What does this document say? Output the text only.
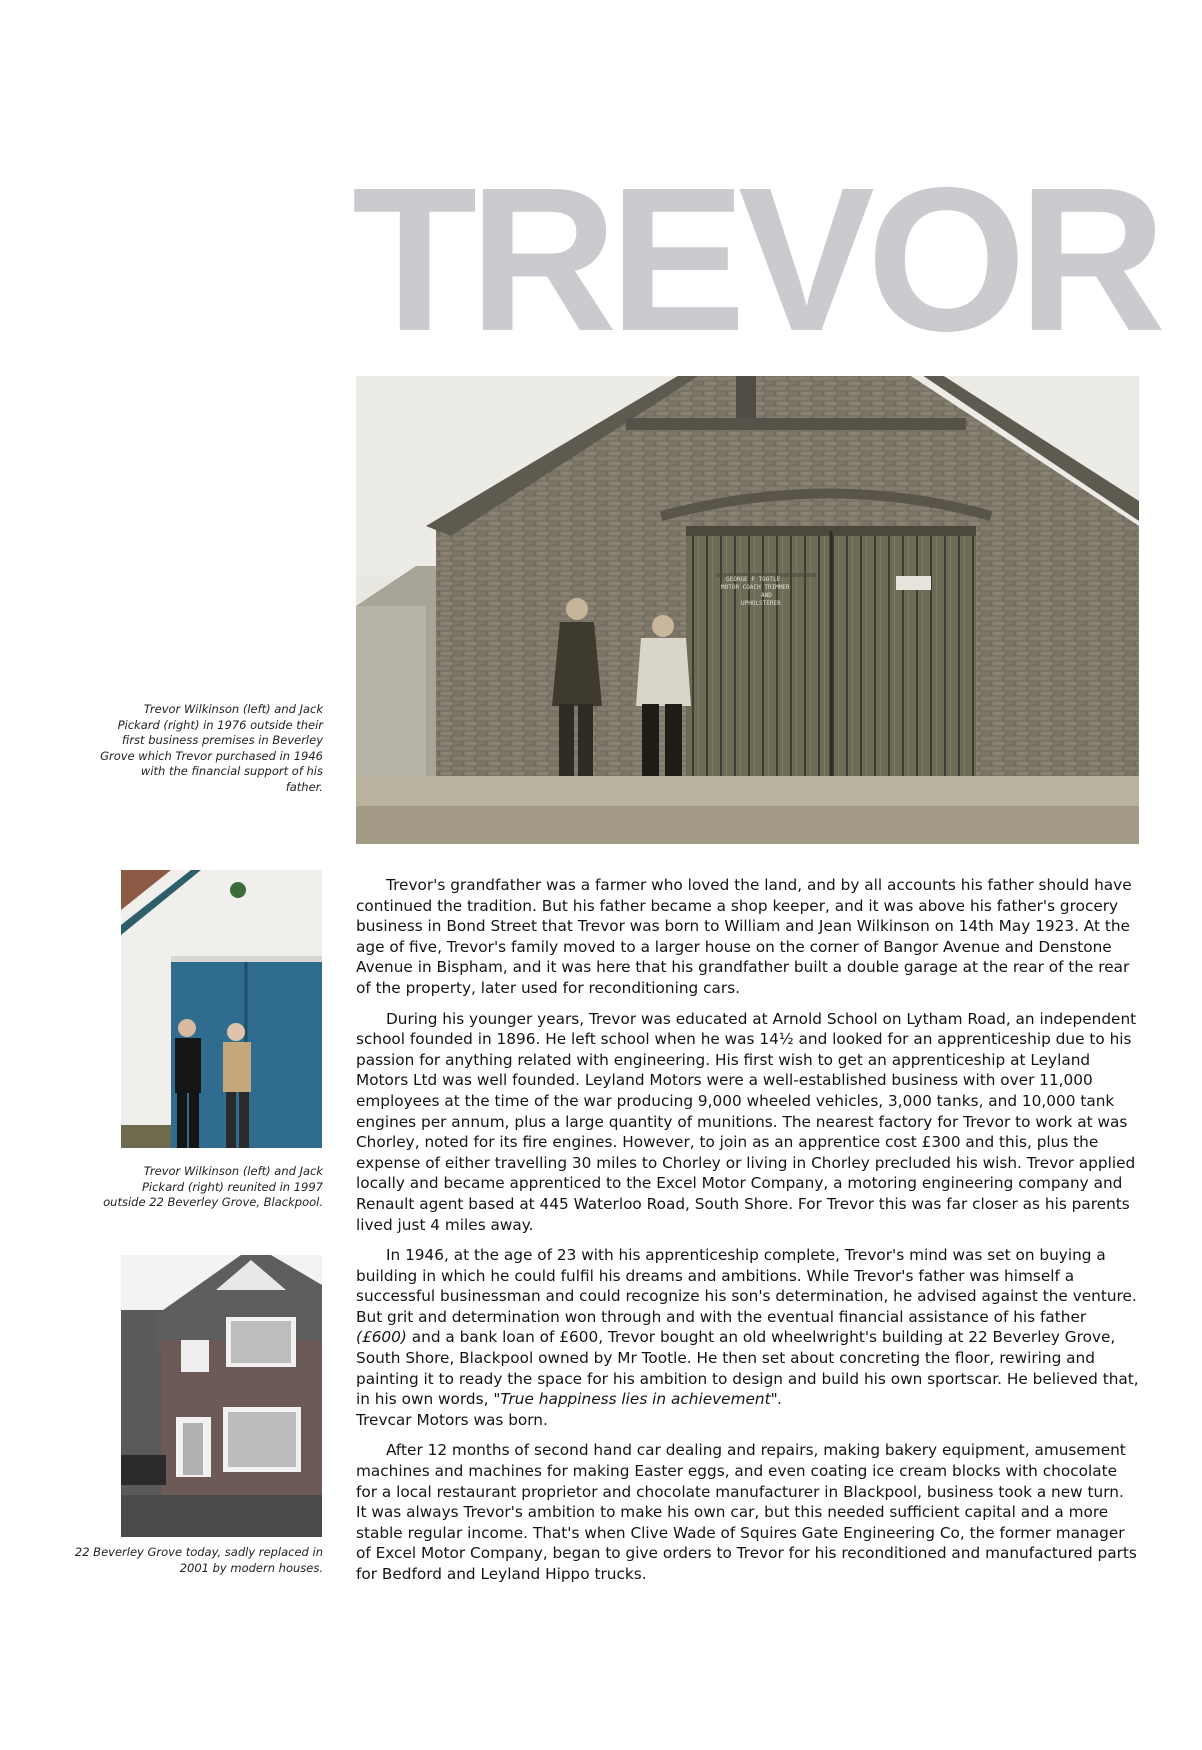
TREVOR
GEORGE F TOOTLE
MOTOR COACH TRIMMER
AND
UPHOLSTERER
Trevor Wilkinson (left) and Jack Pickard (right) in 1976 outside their first business premises in Beverley Grove which Trevor purchased in 1946 with the financial support of his father.
Trevor Wilkinson (left) and Jack Pickard (right) reunited in 1997 outside 22 Beverley Grove, Blackpool.
22 Beverley Grove today, sadly replaced in 2001 by modern houses.

Trevor's grandfather was a farmer who loved the land, and by all accounts his father should have continued the tradition. But his father became a shop keeper, and it was above his father's grocery business in Bond Street that Trevor was born to William and Jean Wilkinson on 14th May 1923. At the age of five, Trevor's family moved to a larger house on the corner of Bangor Avenue and Denstone Avenue in Bispham, and it was here that his grandfather built a double garage at the rear of the rear of the property, later used for reconditioning cars.

During his younger years, Trevor was educated at Arnold School on Lytham Road, an independent school founded in 1896. He left school when he was 14½ and looked for an apprenticeship due to his passion for anything related with engineering. His first wish to get an apprenticeship at Leyland Motors Ltd was well founded. Leyland Motors were a well-established business with over 11,000 employees at the time of the war producing 9,000 wheeled vehicles, 3,000 tanks, and 10,000 tank engines per annum, plus a large quantity of munitions. The nearest factory for Trevor to work at was Chorley, noted for its fire engines. However, to join as an apprentice cost £300 and this, plus the expense of either travelling 30 miles to Chorley or living in Chorley precluded his wish. Trevor applied locally and became apprenticed to the Excel Motor Company, a motoring engineering company and Renault agent based at 445 Waterloo Road, South Shore. For Trevor this was far closer as his parents lived just 4 miles away.

In 1946, at the age of 23 with his apprenticeship complete, Trevor's mind was set on buying a building in which he could fulfil his dreams and ambitions. While Trevor's father was himself a successful businessman and could recognize his son's determination, he advised against the venture. But grit and determination won through and with the eventual financial assistance of his father (£600) and a bank loan of £600, Trevor bought an old wheelwright's building at 22 Beverley Grove, South Shore, Blackpool owned by Mr Tootle. He then set about concreting the floor, rewiring and painting it to ready the space for his ambition to design and build his own sportscar. He believed that, in his own words, "True happiness lies in achievement".
Trevcar Motors was born.

After 12 months of second hand car dealing and repairs, making bakery equipment, amusement machines and machines for making Easter eggs, and even coating ice cream blocks with chocolate for a local restaurant proprietor and chocolate manufacturer in Blackpool, business took a new turn. It was always Trevor's ambition to make his own car, but this needed sufficient capital and a more stable regular income. That's when Clive Wade of Squires Gate Engineering Co, the former manager of Excel Motor Company, began to give orders to Trevor for his reconditioned and manufactured parts for Bedford and Leyland Hippo trucks.
